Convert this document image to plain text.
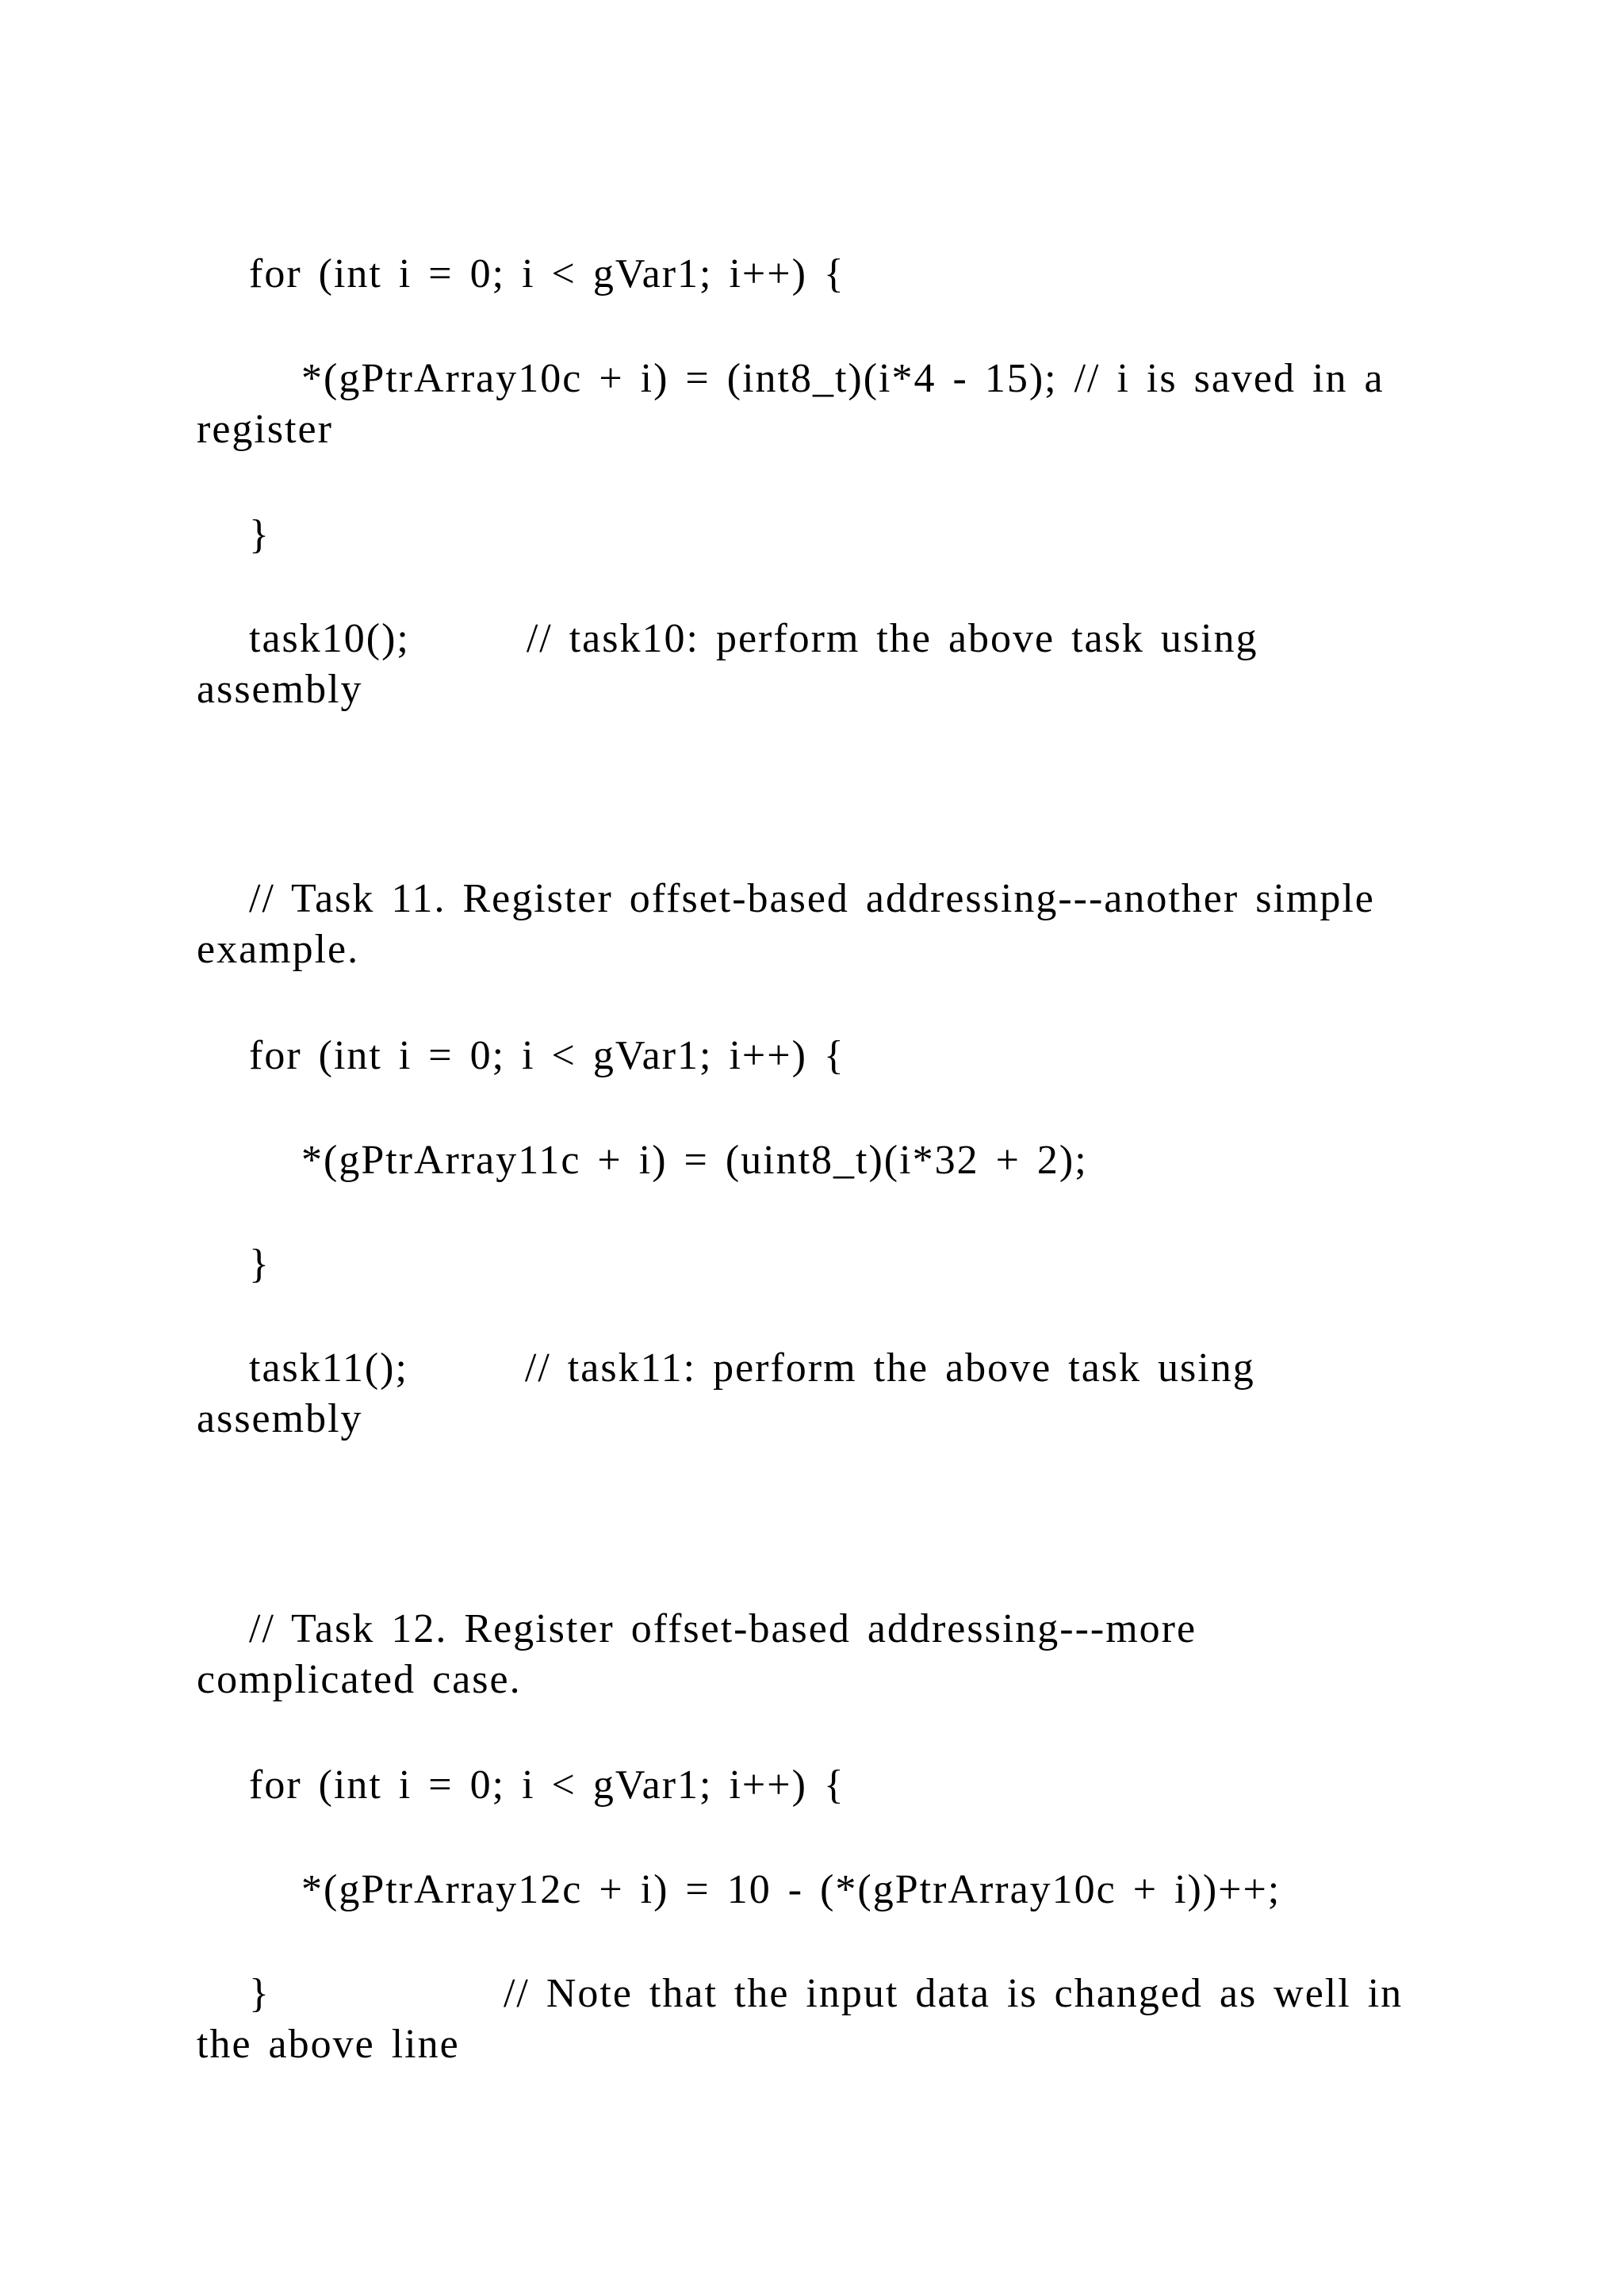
for (int i = 0; i < gVar1; i++) {
*(gPtrArray10c + i) = (int8_t)(i*4 - 15); // i is saved in a
register
}
task10();       // task10: perform the above task using
assembly
// Task 11. Register offset-based addressing---another simple
example.
for (int i = 0; i < gVar1; i++) {
*(gPtrArray11c + i) = (uint8_t)(i*32 + 2);
}
task11();       // task11: perform the above task using
assembly
// Task 12. Register offset-based addressing---more
complicated case.
for (int i = 0; i < gVar1; i++) {
*(gPtrArray12c + i) = 10 - (*(gPtrArray10c + i))++;
}              // Note that the input data is changed as well in
the above line
